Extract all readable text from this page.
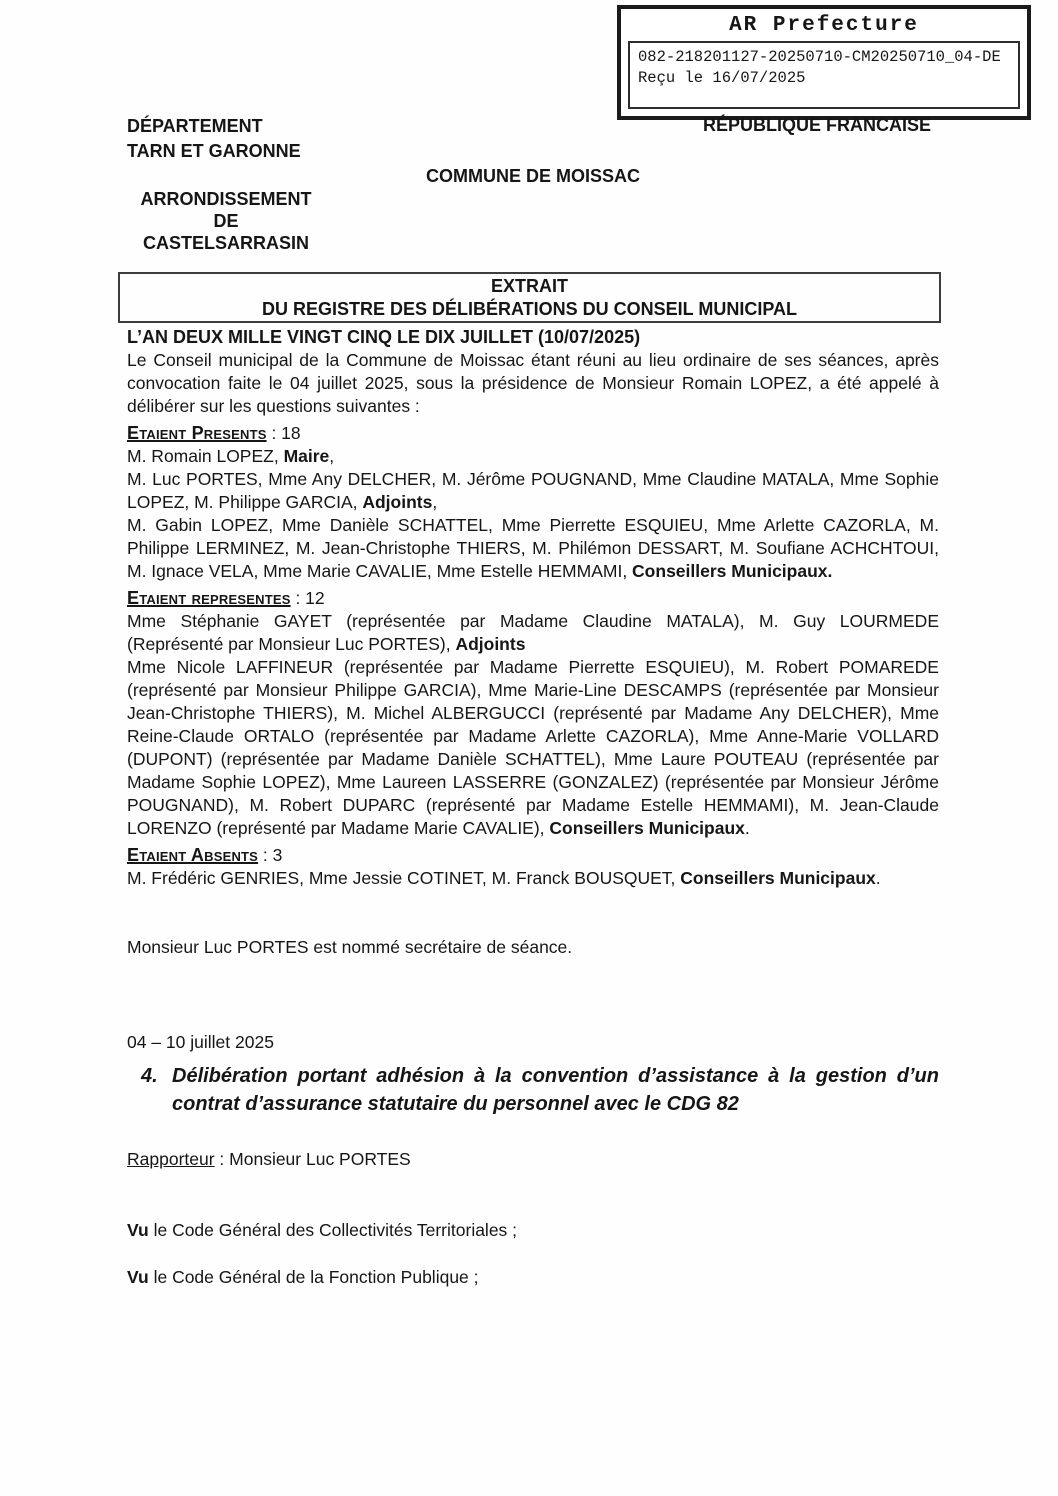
AR Prefecture
082-218201127-20250710-CM20250710_04-DE
Reçu le 16/07/2025
DÉPARTEMENT
TARN ET GARONNE
RÉPUBLIQUE FRANCAISE
COMMUNE DE MOISSAC
ARRONDISSEMENT
DE
CASTELSARRASIN
EXTRAIT
DU REGISTRE DES DÉLIBÉRATIONS DU CONSEIL MUNICIPAL

L’AN DEUX MILLE VINGT CINQ LE DIX JUILLET (10/07/2025)

Le Conseil municipal de la Commune de Moissac étant réuni au lieu ordinaire de ses séances, après convocation faite le 04 juillet 2025, sous la présidence de Monsieur Romain LOPEZ, a été appelé à délibérer sur les questions suivantes :

Etaient Presents : 18

M. Romain LOPEZ, Maire,

M. Luc PORTES, Mme Any DELCHER, M. Jérôme POUGNAND, Mme Claudine MATALA, Mme Sophie LOPEZ, M. Philippe GARCIA, Adjoints,

M. Gabin LOPEZ, Mme Danièle SCHATTEL, Mme Pierrette ESQUIEU, Mme Arlette CAZORLA, M. Philippe LERMINEZ, M. Jean-Christophe THIERS, M. Philémon DESSART, M. Soufiane ACHCHTOUI, M. Ignace VELA, Mme Marie CAVALIE, Mme Estelle HEMMAMI, Conseillers Municipaux.

Etaient representes : 12

Mme Stéphanie GAYET (représentée par Madame Claudine MATALA), M. Guy LOURMEDE (Représenté par Monsieur Luc PORTES), Adjoints

Mme Nicole LAFFINEUR (représentée par Madame Pierrette ESQUIEU), M. Robert POMAREDE (représenté par Monsieur Philippe GARCIA), Mme Marie-Line DESCAMPS (représentée par Monsieur Jean-Christophe THIERS), M. Michel ALBERGUCCI (représenté par Madame Any DELCHER), Mme Reine-Claude ORTALO (représentée par Madame Arlette CAZORLA), Mme Anne-Marie VOLLARD (DUPONT) (représentée par Madame Danièle SCHATTEL), Mme Laure POUTEAU (représentée par Madame Sophie LOPEZ), Mme Laureen LASSERRE (GONZALEZ) (représentée par Monsieur Jérôme POUGNAND), M. Robert DUPARC (représenté par Madame Estelle HEMMAMI), M. Jean-Claude LORENZO (représenté par Madame Marie CAVALIE), Conseillers Municipaux.

Etaient Absents : 3

M. Frédéric GENRIES, Mme Jessie COTINET, M. Franck BOUSQUET, Conseillers Municipaux.

Monsieur Luc PORTES est nommé secrétaire de séance.

04 – 10 juillet 2025

4. Délibération portant adhésion à la convention d’assistance à la gestion d’un contrat d’assurance statutaire du personnel avec le CDG 82

Rapporteur : Monsieur Luc PORTES

Vu le Code Général des Collectivités Territoriales ;

Vu le Code Général de la Fonction Publique ;
